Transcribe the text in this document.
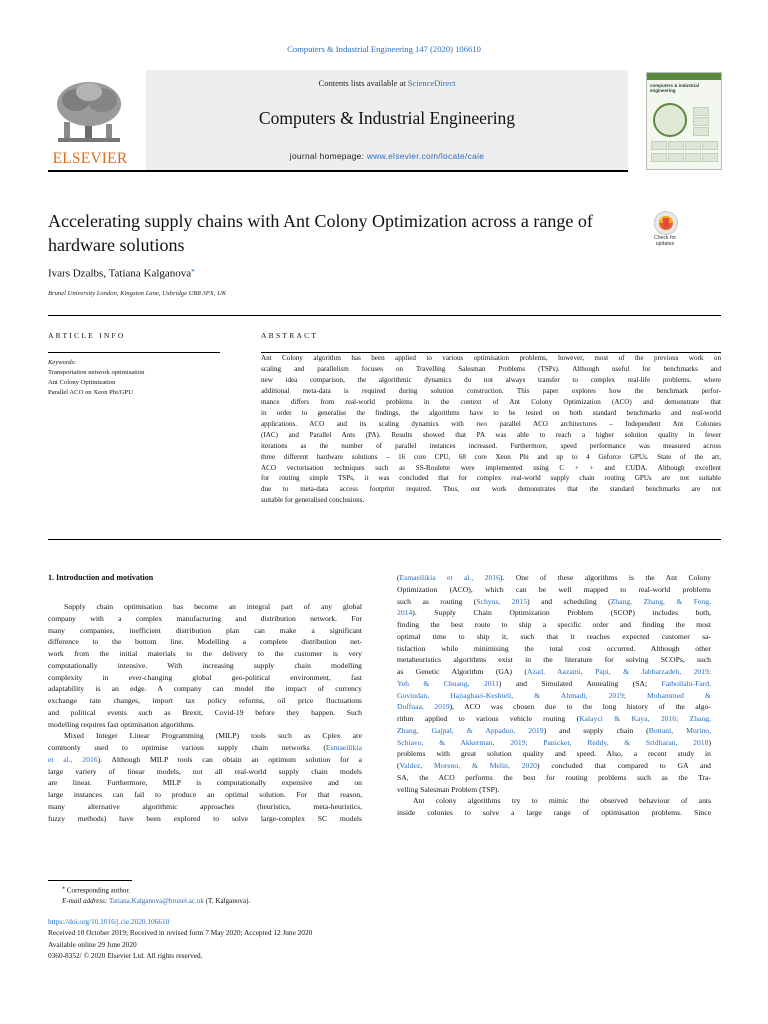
Computers & Industrial Engineering 147 (2020) 106610
ELSEVIER
Contents lists available at ScienceDirect
Computers & Industrial Engineering
journal homepage: www.elsevier.com/locate/caie
computers & industrial engineering
Accelerating supply chains with Ant Colony Optimization across a range of
hardware solutions	Check for
updates
Ivars Dzalbs, Tatiana Kalganova⁎
Brunel University London, Kingston Lane, Uxbridge UB8 3PX, UK
ARTICLE INFO	ABSTRACT
Keywords:
Transportation network optimisation
Ant Colony Optimization
Parallel ACO on Xeon Phi/GPU
Ant Colony algorithm has been applied to various optimisation problems, however, most of the previous work on
scaling and parallelism focuses on Travelling Salesman Problems (TSPs). Although useful for benchmarks and
new idea comparison, the algorithmic dynamics do not always transfer to complex real-life problems, where
additional meta-data is required during solution construction. This paper explores how the benchmark perfor-
mance differs from real-world problems in the context of Ant Colony Optimization (ACO) and demonstrate that
in order to generalise the findings, the algorithms have to be tested on both standard benchmarks and real-world
applications. ACO and its scaling dynamics with two parallel ACO architectures – Independent Ant Colonies
(IAC) and Parallel Ants (PA). Results showed that PA was able to reach a higher solution quality in fewer
iterations as the number of parallel instances increased. Furthermore, speed performance was measured across
three different hardware solutions – 16 core CPU, 68 core Xeon Phi and up to 4 Geforce GPUs. State of the art,
ACO vectorisation techniques such as SS-Roulette were implemented using C + + and CUDA. Although excellent
for routing simple TSPs, it was concluded that for complex real-world supply chain routing GPUs are not suitable
due to meta-data access footprint required. Thus, our work demonstrates that the standard benchmarks are not
suitable for generalised conclusions.
1. Introduction and motivation
Supply chain optimisation has become an integral part of any global
company with a complex manufacturing and distribution network. For
many companies, inefficient distribution plan can make a significant
difference to the bottom line. Modelling a complete distribution net-
work from the initial materials to the delivery to the customer is very
computationally intensive. With increasing supply chain modelling
complexity in ever-changing global geo-political environment, fast
adaptability is an edge. A company can model the impact of currency
exchange rate changes, import tax policy reforms, oil price fluctuations
and political events such as Brexit, Covid-19 before they happen. Such
modelling requires fast optimisation algorithms.
Mixed Integer Linear Programming (MILP) tools such as Cplex are
commonly used to optimise various supply chain networks (Esmaeilikia
et al., 2016). Although MILP tools can obtain an optimum solution for a
large variety of linear models, not all real-world supply chain models
are linear. Furthermore, MILP is computationally expensive and on
large instances can fail to produce an optimal solution. For that reason,
many alternative algorithmic approaches (heuristics, meta-heuristics,
fuzzy methods) have been explored to solve large-complex SC models
(Esmaeilikia et al., 2016). One of these algorithms is the Ant Colony
Optimization (ACO), which can be well mapped to real-world problems
such as routing (Schyns, 2015) and scheduling (Zhang, Zhang, & Feng,
2014). Supply Chain Optimization Problem (SCOP) includes both,
finding the best route to ship a specific order and finding the most
optimal time to ship it, such that it reaches expected customer sa-
tisfaction while minimising the total cost occurred. Although other
metaheuristics algorithms exist in the literature for solving SCOPs, such
as Genetic Algorithm (GA) (Azad, Aazami, Papi, & Jabbarzadeh, 2019;
Yeh & Chuang, 2011) and Simulated Annealing (SA; Fathollahi-Fard,
Govindan, Hajiaghaei-Keshteli, & Ahmadi, 2019; Mohammed &
Duffuaa, 2019), ACO was chosen due to the long history of the algo-
rithm applied to various vehicle routing (Kalayci & Kaya, 2016; Zhang,
Zhang, Gajpal, & Appadoo, 2019) and supply chain (Bottani, Murino,
Schiavo, & Akkerman, 2019; Panicker, Reddy, & Sridharan, 2018)
problems with great solution quality and speed. Also, a recent study in
(Valdez, Moreno, & Melin, 2020) concluded that compared to GA and
SA, the ACO performs the best for routing problems such as the Tra-
velling Salesman Problem (TSP).
Ant colony algorithms try to mimic the observed behaviour of ants
inside colonies to solve a large range of optimisation problems. Since
⁎ Corresponding author.
E-mail address: Tatiana.Kalganova@brunel.ac.uk (T. Kalganova).
https://doi.org/10.1016/j.cie.2020.106610
Received 10 October 2019; Received in revised form 7 May 2020; Accepted 12 June 2020
Available online 29 June 2020
0360-8352/ © 2020 Elsevier Ltd. All rights reserved.
